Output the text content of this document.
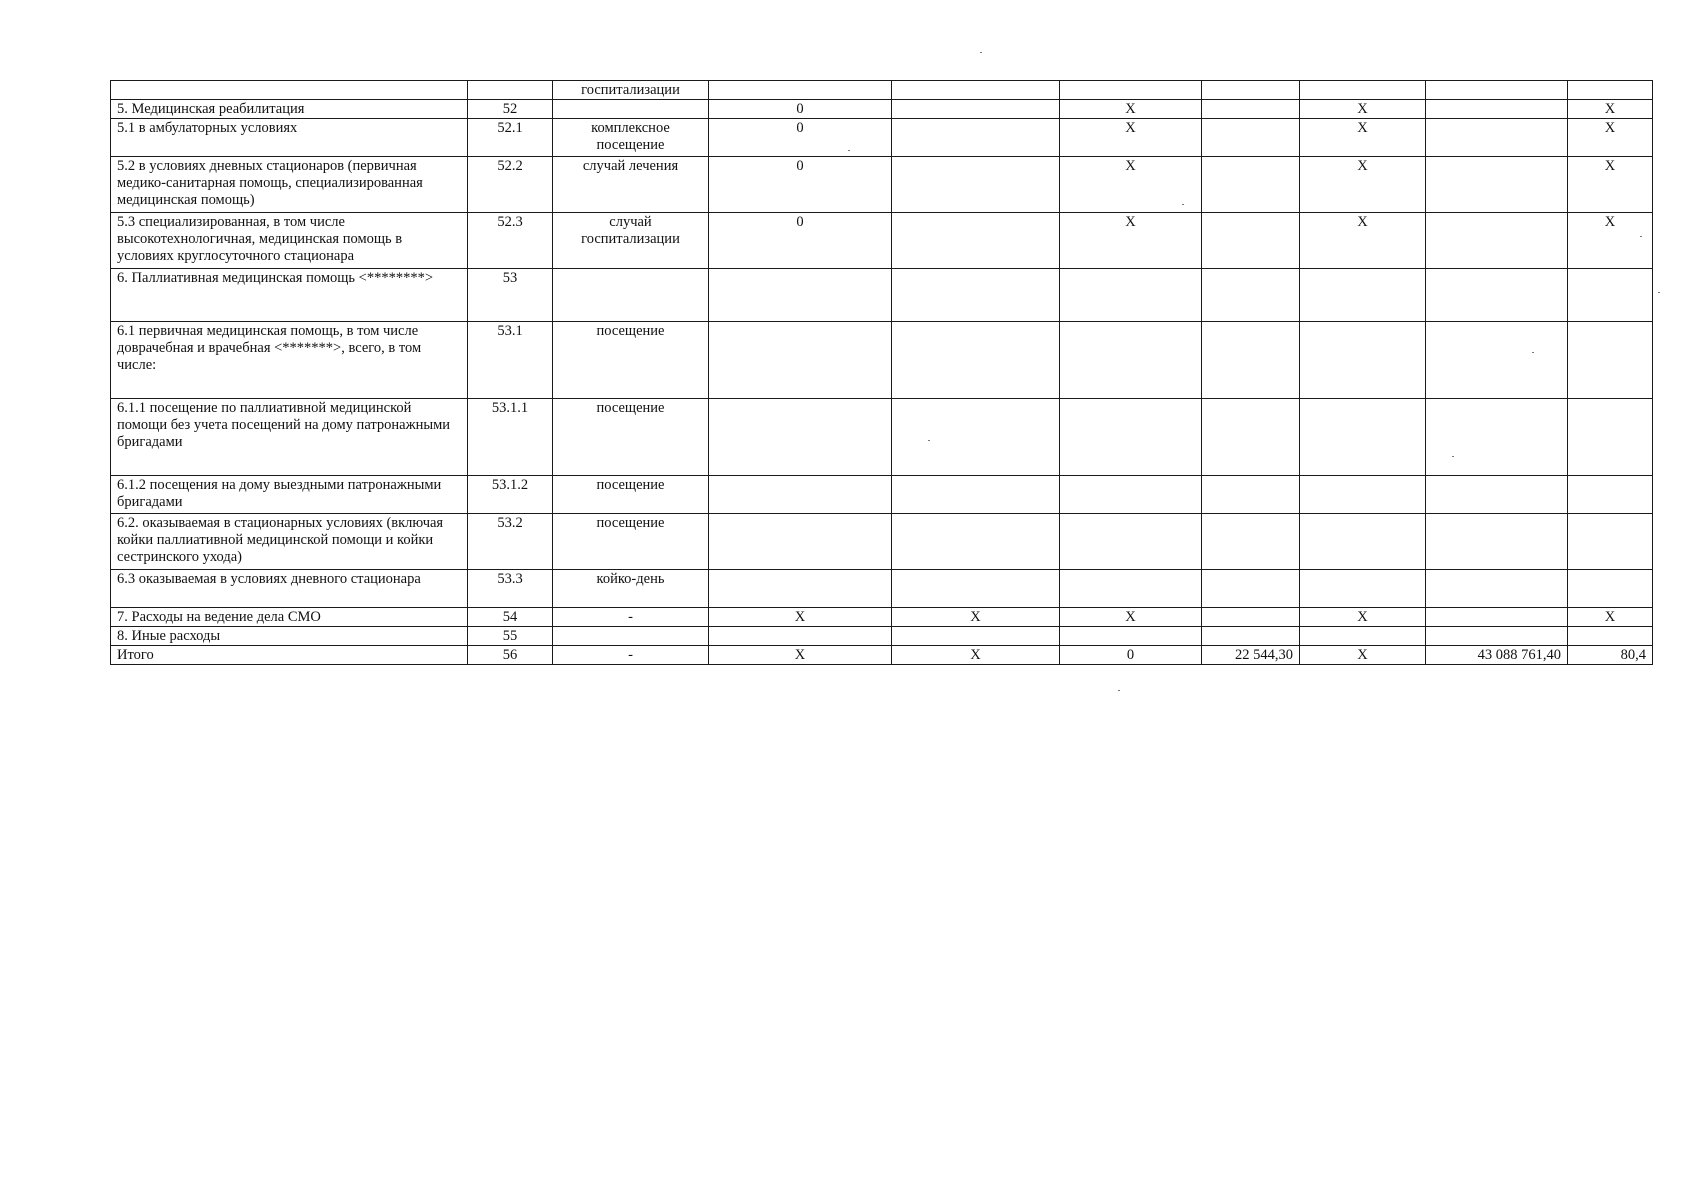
		госпитализации							
5. Медицинская реабилитация	52		0		X		X		X
5.1 в амбулаторных условиях	52.1	комплексное посещение	0		X		X		X
5.2 в условиях дневных стационаров (первичная медико-санитарная помощь, специализированная медицинская помощь)	52.2	случай лечения	0		X		X		X
5.3 специализированная, в том числе высокотехнологичная, медицинская помощь в условиях круглосуточного стационара	52.3	случай госпитализации	0		X		X		X
6. Паллиативная медицинская помощь <********>	53								
6.1 первичная медицинская помощь, в том числе доврачебная и врачебная <*******>, всего, в том числе:	53.1	посещение							
6.1.1 посещение по паллиативной медицинской помощи без учета посещений на дому патронажными бригадами	53.1.1	посещение							
6.1.2 посещения на дому выездными патронажными бригадами	53.1.2	посещение							
6.2. оказываемая в стационарных условиях (включая койки паллиативной медицинской помощи и койки сестринского ухода)	53.2	посещение							
6.3 оказываемая в условиях дневного стационара	53.3	койко-день							
7. Расходы на ведение дела СМО	54	-	X	X	X		X		X
8. Иные расходы	55								
Итого	56	-	X	X	0	22 544,30	X	43 088 761,40	80,4
